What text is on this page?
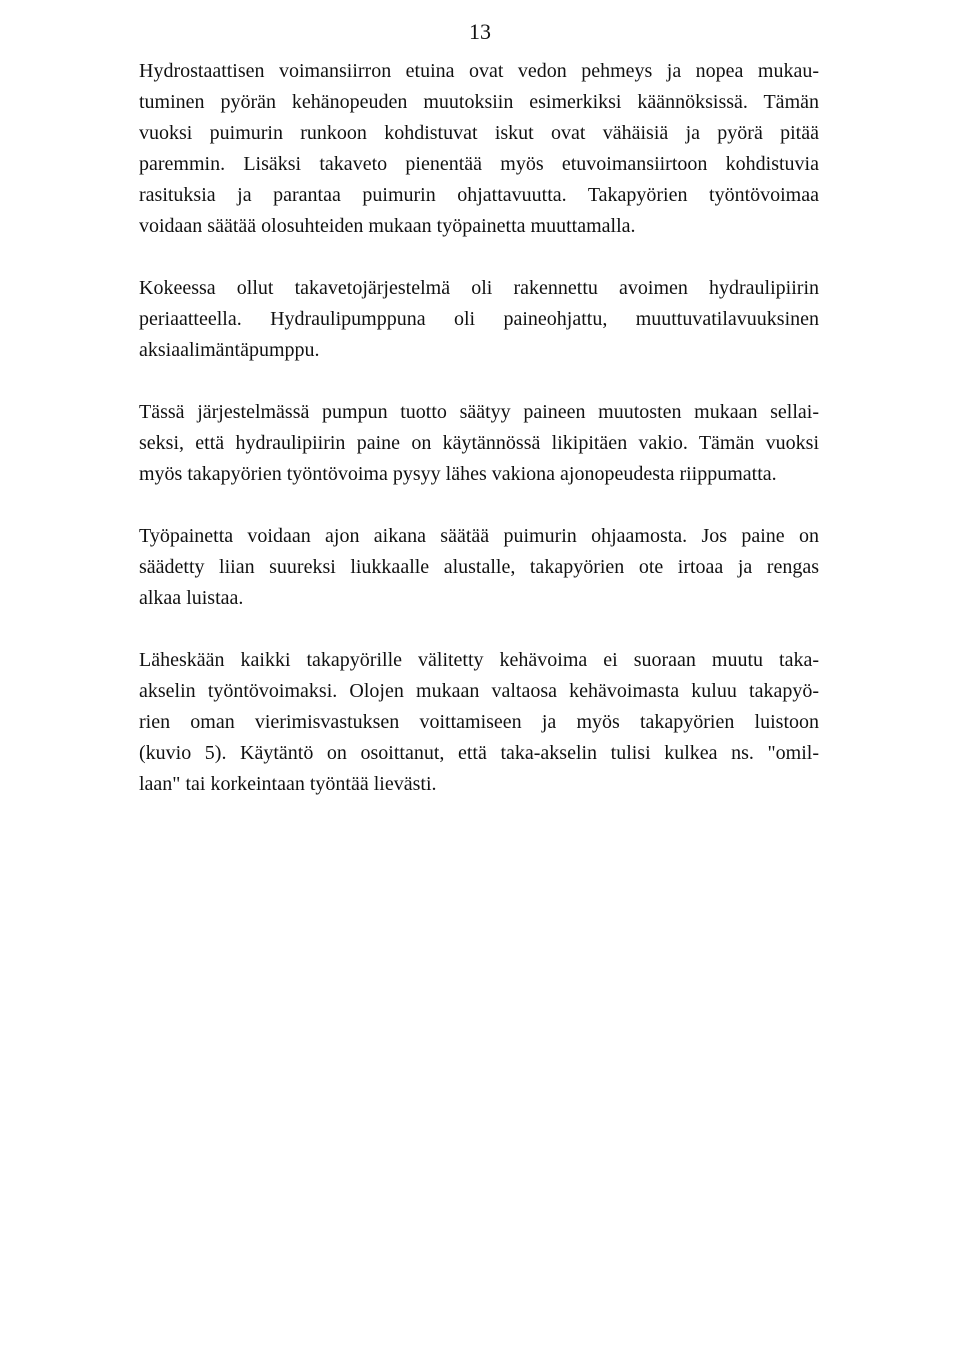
13

Hydrostaattisen voimansiirron etuina ovat vedon pehmeys ja nopea mukau-
tuminen pyörän kehänopeuden muutoksiin esimerkiksi käännöksissä. Tämän
vuoksi puimurin runkoon kohdistuvat iskut ovat vähäisiä ja pyörä pitää
paremmin. Lisäksi takaveto pienentää myös etuvoimansiirtoon kohdistuvia
rasituksia ja parantaa puimurin ohjattavuutta. Takapyörien työntövoimaa
voidaan säätää olosuhteiden mukaan työpainetta muuttamalla.

Kokeessa ollut takavetojärjestelmä oli rakennettu avoimen hydraulipiirin
periaatteella. Hydraulipumppuna oli paineohjattu, muuttuvatilavuuksinen
aksiaalimäntäpumppu.

Tässä järjestelmässä pumpun tuotto säätyy paineen muutosten mukaan sellai-
seksi, että hydraulipiirin paine on käytännössä likipitäen vakio. Tämän vuoksi
myös takapyörien työntövoima pysyy lähes vakiona ajonopeudesta riippumatta.

Työpainetta voidaan ajon aikana säätää puimurin ohjaamosta. Jos paine on
säädetty liian suureksi liukkaalle alustalle, takapyörien ote irtoaa ja rengas
alkaa luistaa.

Läheskään kaikki takapyörille välitetty kehävoima ei suoraan muutu taka-
akselin työntövoimaksi. Olojen mukaan valtaosa kehävoimasta kuluu takapyö-
rien oman vierimisvastuksen voittamiseen ja myös takapyörien luistoon
(kuvio 5). Käytäntö on osoittanut, että taka-akselin tulisi kulkea ns. "omil-
laan" tai korkeintaan työntää lievästi.
